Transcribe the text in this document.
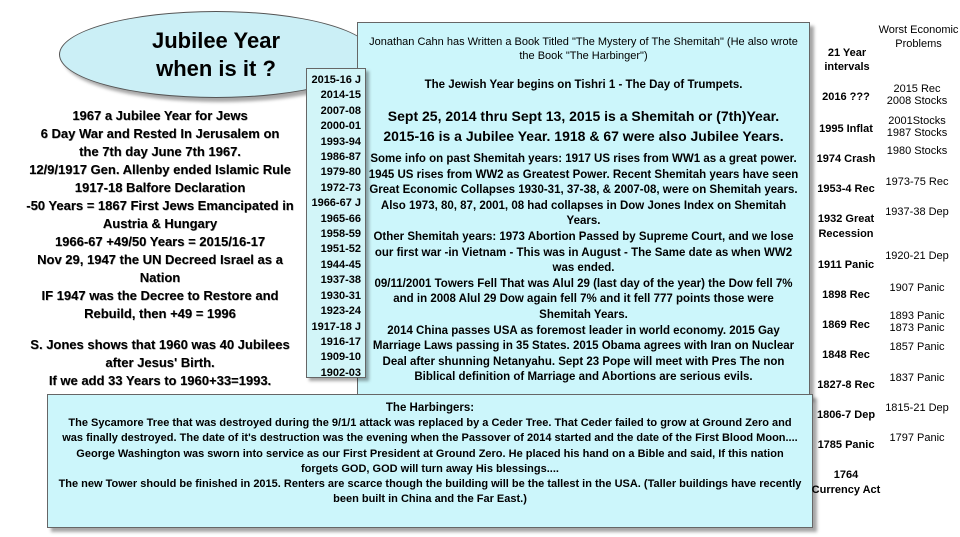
Jubilee Year
when is it ?
1967 a Jubilee Year for Jews
6 Day War and Rested In Jerusalem on
the 7th day June 7th 1967.
12/9/1917 Gen. Allenby ended Islamic Rule
1917-18 Balfore Declaration
-50 Years = 1867 First Jews Emancipated in
Austria & Hungary
1966-67 +49/50 Years = 2015/16-17
Nov 29, 1947 the UN Decreed Israel as a
Nation
IF 1947 was the Decree to Restore and
Rebuild, then +49 = 1996
S. Jones shows that 1960 was 40 Jubilees
after Jesus' Birth.
If we add 33 Years to 1960+33=1993.
Jonathan Cahn has Written a Book Titled "The Mystery of The Shemitah" (He also wrote the Book "The Harbinger")
The Jewish Year begins on Tishri 1 - The Day of Trumpets.
Sept 25, 2014 thru Sept 13, 2015 is a Shemitah or (7th)Year.
2015-16 is a Jubilee Year. 1918 & 67 were also Jubilee Years.
Some info on past Shemitah years: 1917 US rises from WW1 as a great power. 1945 US rises from WW2 as Greatest Power. Recent Shemitah years have seen Great Economic Collapses 1930-31, 37-38, & 2007-08, were on Shemitah years. Also 1973, 80, 87, 2001, 08 had collapses in Dow Jones Index on Shemitah Years.
Other Shemitah years: 1973 Abortion Passed by Supreme Court, and we lose our first war -in Vietnam - This was in August - The Same date as when WW2 was ended.
09/11/2001 Towers Fell That was Alul 29 (last day of the year) the Dow fell 7% and in 2008 Alul 29 Dow again fell 7% and it fell 777 points those were Shemitah Years.
2014 China passes USA as foremost leader in world economy. 2015 Gay Marriage Laws passing in 35 States. 2015 Obama agrees with Iran on Nuclear Deal after shunning Netanyahu. Sept 23 Pope will meet with Pres The non Biblical definition of Marriage and Abortions are serious evils.
2015-16 J
2014-15
2007-08
2000-01
1993-94
1986-87
1979-80
1972-73
1966-67 J
1965-66
1958-59
1951-52
1944-45
1937-38
1930-31
1923-24
1917-18 J
1916-17
1909-10
1902-03
The Harbingers:
The Sycamore Tree that was destroyed during the 9/1/1 attack was replaced by a Ceder Tree. That Ceder failed to grow at Ground Zero and was finally destroyed. The date of it's destruction was the evening when the Passover of 2014 started and the date of the First Blood Moon....
George Washington was sworn into service as our First President at Ground Zero. He placed his hand on a Bible and said, If this nation forgets GOD, GOD will turn away His blessings....
The new Tower should be finished in 2015. Renters are scarce though the building will be the tallest in the USA. (Taller buildings have recently been built in China and the Far East.)
21 Year intervals
Worst Economic Problems
2016 ???
1995 Inflat
1974 Crash
1953-4 Rec
1932 Great Recession
1911 Panic
1898 Rec
1869 Rec
1848 Rec
1827-8 Rec
1806-7 Dep
1785 Panic
1764 Currency Act
2015 Rec
2008 Stocks
2001Stocks
1987 Stocks
1980 Stocks
1973-75 Rec
1937-38 Dep
1920-21 Dep
1907 Panic
1893 Panic
1873 Panic
1857 Panic
1837 Panic
1815-21 Dep
1797 Panic
